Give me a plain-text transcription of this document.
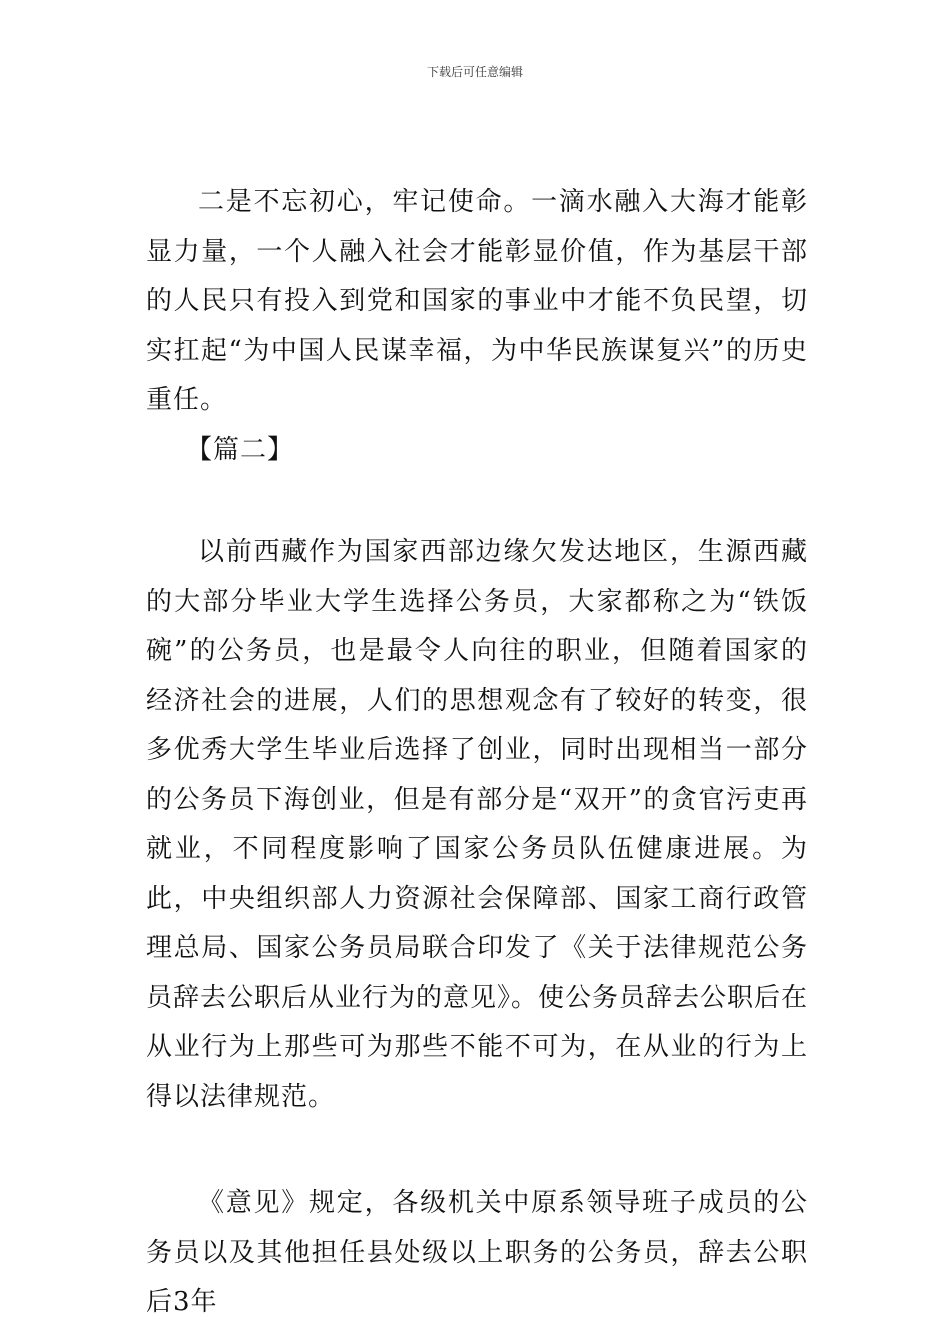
下载后可任意编辑

二是不忘初心，牢记使命。一滴水融入大海才能彰显力量，一个人融入社会才能彰显价值，作为基层干部的人民只有投入到党和国家的事业中才能不负民望，切实扛起“为中国人民谋幸福，为中华民族谋复兴”的历史重任。

【篇二】

以前西藏作为国家西部边缘欠发达地区，生源西藏的大部分毕业大学生选择公务员，大家都称之为“铁饭碗”的公务员，也是最令人向往的职业，但随着国家的经济社会的进展，人们的思想观念有了较好的转变，很多优秀大学生毕业后选择了创业，同时出现相当一部分的公务员下海创业，但是有部分是“双开”的贪官污吏再就业，不同程度影响了国家公务员队伍健康进展。为此，中央组织部人力资源社会保障部、国家工商行政管理总局、国家公务员局联合印发了《关于法律规范公务员辞去公职后从业行为的意见》。使公务员辞去公职后在从业行为上那些可为那些不能不可为，在从业的行为上得以法律规范。

《意见》规定，各级机关中原系领导班子成员的公务员以及其他担任县处级以上职务的公务员，辞去公职后3年
